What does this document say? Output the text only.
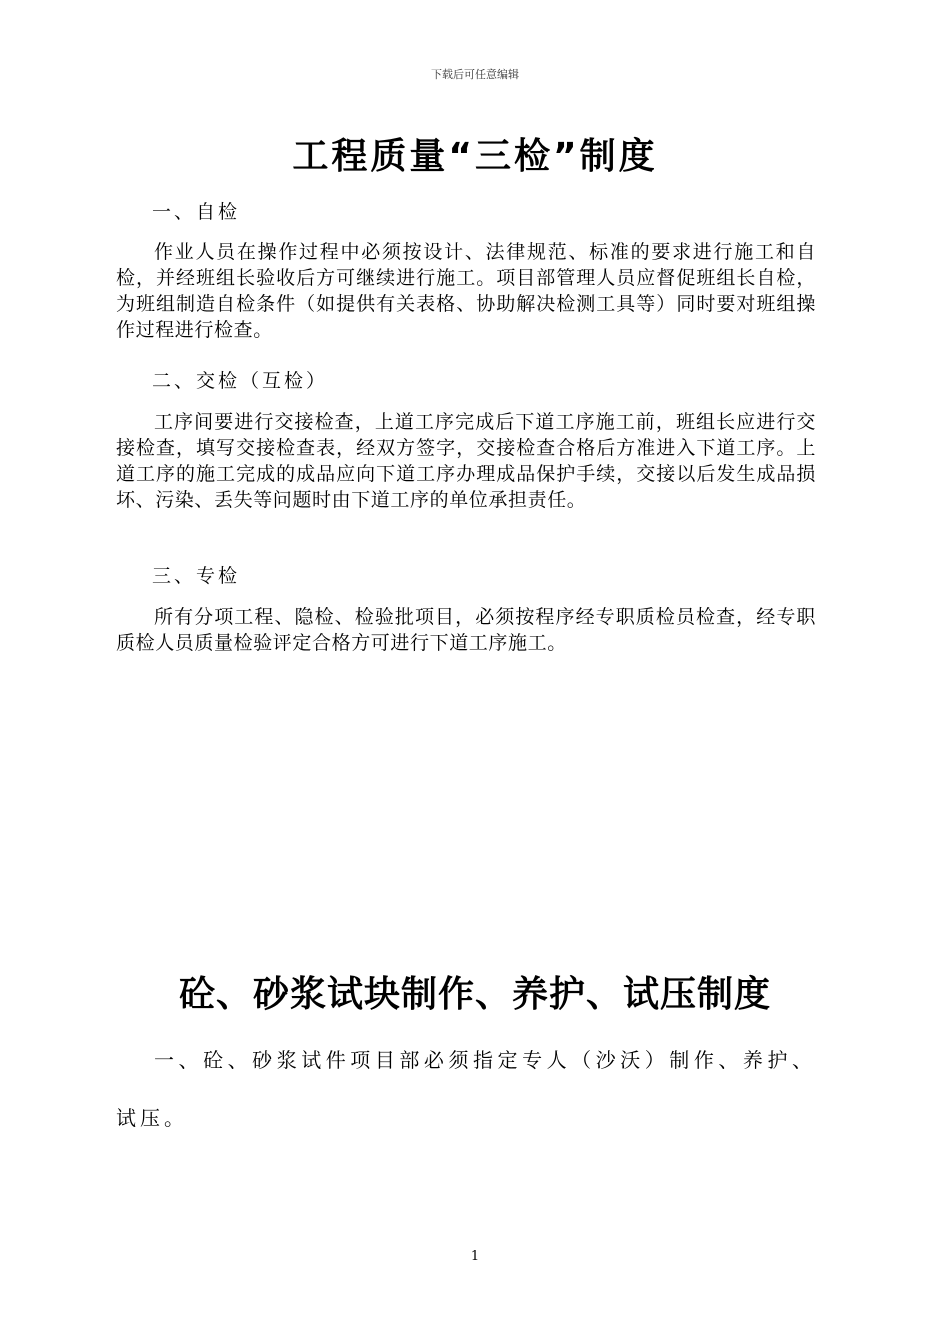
下载后可任意编辑
工程质量“三检”制度
一、自检
作业人员在操作过程中必须按设计、法律规范、标准的要求进行施工和自检，并经班组长验收后方可继续进行施工。项目部管理人员应督促班组长自检，为班组制造自检条件（如提供有关表格、协助解决检测工具等）同时要对班组操作过程进行检查。
二、交检（互检）
工序间要进行交接检查，上道工序完成后下道工序施工前，班组长应进行交接检查，填写交接检查表，经双方签字，交接检查合格后方准进入下道工序。上道工序的施工完成的成品应向下道工序办理成品保护手续，交接以后发生成品损坏、污染、丢失等问题时由下道工序的单位承担责任。
三、专检
所有分项工程、隐检、检验批项目，必须按程序经专职质检员检查，经专职质检人员质量检验评定合格方可进行下道工序施工。
砼、砂浆试块制作、养护、试压制度
一、砼、砂浆试件项目部必须指定专人（沙沃）制作、养护、试压。
1
